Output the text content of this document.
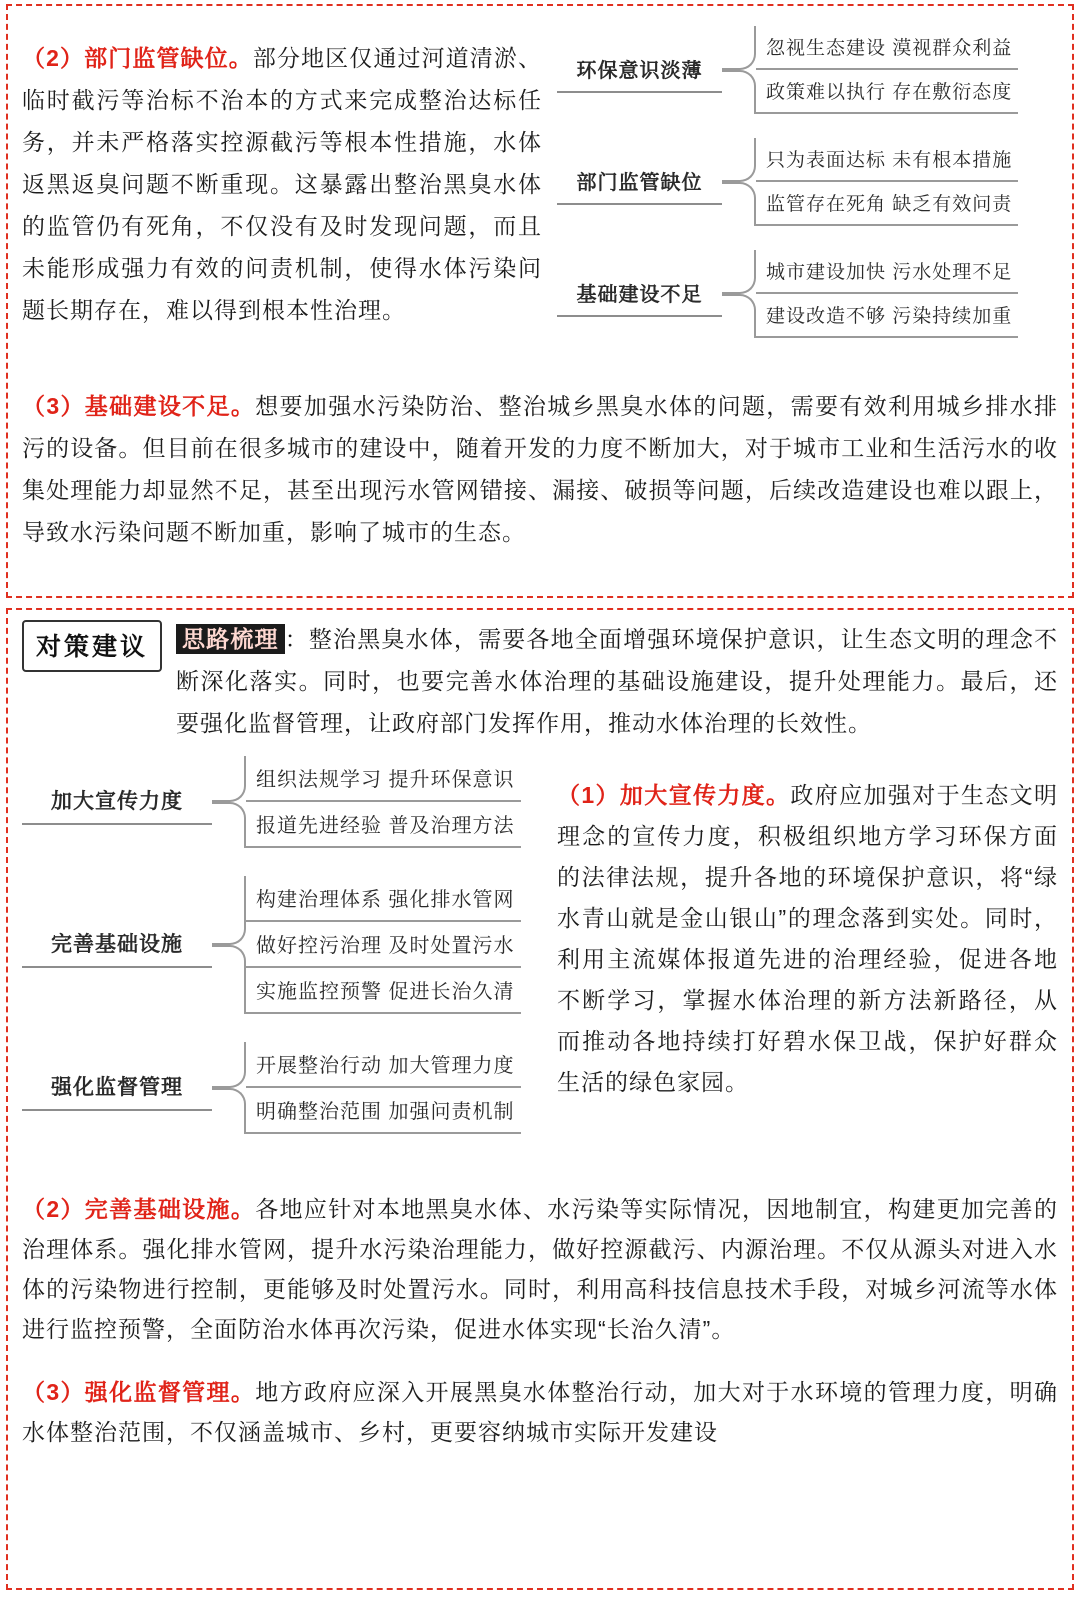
（2）部门监管缺位。部分地区仅通过河道清淤、临时截污等治标不治本的方式来完成整治达标任务，并未严格落实控源截污等根本性措施，水体返黑返臭问题不断重现。这暴露出整治黑臭水体的监管仍有死角，不仅没有及时发现问题，而且未能形成强力有效的问责机制，使得水体污染问题长期存在，难以得到根本性治理。

环保意识淡薄
忽视生态建设 漠视群众利益
政策难以执行 存在敷衍态度
部门监管缺位
只为表面达标 未有根本措施
监管存在死角 缺乏有效问责
基础建设不足
城市建设加快 污水处理不足
建设改造不够 污染持续加重

（3）基础建设不足。想要加强水污染防治、整治城乡黑臭水体的问题，需要有效利用城乡排水排污的设备。但目前在很多城市的建设中，随着开发的力度不断加大，对于城市工业和生活污水的收集处理能力却显然不足，甚至出现污水管网错接、漏接、破损等问题，后续改造建设也难以跟上，导致水污染问题不断加重，影响了城市的生态。

对策建议	思路梳理 ：整治黑臭水体，需要各地全面增强环境保护意识，让生态文明的理念不断深化落实。同时，也要完善水体治理的基础设施建设，提升处理能力。最后，还要强化监督管理，让政府部门发挥作用，推动水体治理的长效性。
加大宣传力度
组织法规学习 提升环保意识
报道先进经验 普及治理方法
完善基础设施
构建治理体系 强化排水管网
做好控污治理 及时处置污水
实施监控预警 促进长治久清
强化监督管理
开展整治行动 加大管理力度
明确整治范围 加强问责机制

（1）加大宣传力度。政府应加强对于生态文明理念的宣传力度，积极组织地方学习环保方面的法律法规，提升各地的环境保护意识，将“绿水青山就是金山银山”的理念落到实处。同时，利用主流媒体报道先进的治理经验，促进各地不断学习，掌握水体治理的新方法新路径，从而推动各地持续打好碧水保卫战，保护好群众生活的绿色家园。

（2）完善基础设施。各地应针对本地黑臭水体、水污染等实际情况，因地制宜，构建更加完善的治理体系。强化排水管网，提升水污染治理能力，做好控源截污、内源治理。不仅从源头对进入水体的污染物进行控制，更能够及时处置污水。同时，利用高科技信息技术手段，对城乡河流等水体进行监控预警，全面防治水体再次污染，促进水体实现“长治久清”。

（3）强化监督管理。地方政府应深入开展黑臭水体整治行动，加大对于水环境的管理力度，明确水体整治范围，不仅涵盖城市、乡村，更要容纳城市实际开发建设
